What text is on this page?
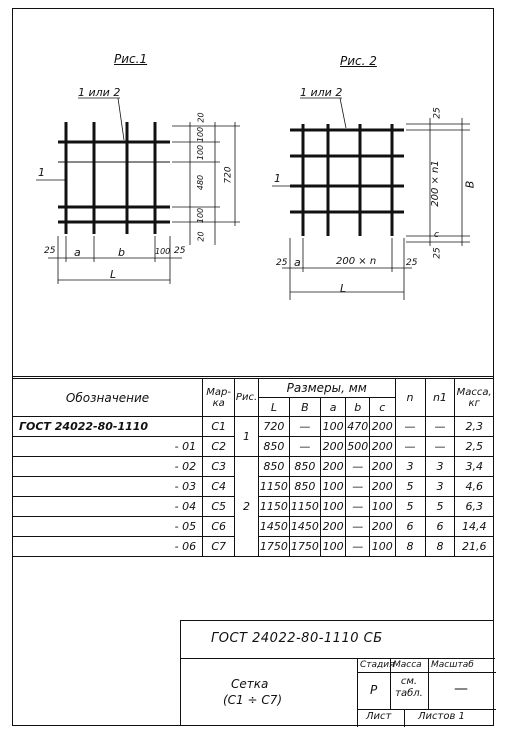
Рис.1
1 или 2
1
a	b
L
25	25
100
20
100
100
480 720
100
20
Рис. 2
1 или 2
1
25 a	200 × n	25
L
25
200 × n1 B
c
25
Обозначение	Мар- ка	Рис.	Размеры, мм					n	n1	Масса, кг
			L	B	a	b	c			
ГОСТ 24022-80-1110	С1	1	720	—	100	470	200	—	—	2,3
- 01	С2		850	—	200	500	200	—	—	2,5
- 02	С3	2	850	850	200	—	200	3	3	3,4
- 03	С4		1150	850	100	—	200	5	3	4,6
- 04	С5		1150	1150	100	—	100	5	5	6,3
- 05	С6		1450	1450	200	—	200	6	6	14,4
- 06	С7		1750	1750	100	—	100	8	8	21,6
ГОСТ 24022-80-1110 СБ
Сетка
(С1 ÷ С7)
Стадия
Масса Масштаб
Р
см. табл. —
Лист	Листов 1
